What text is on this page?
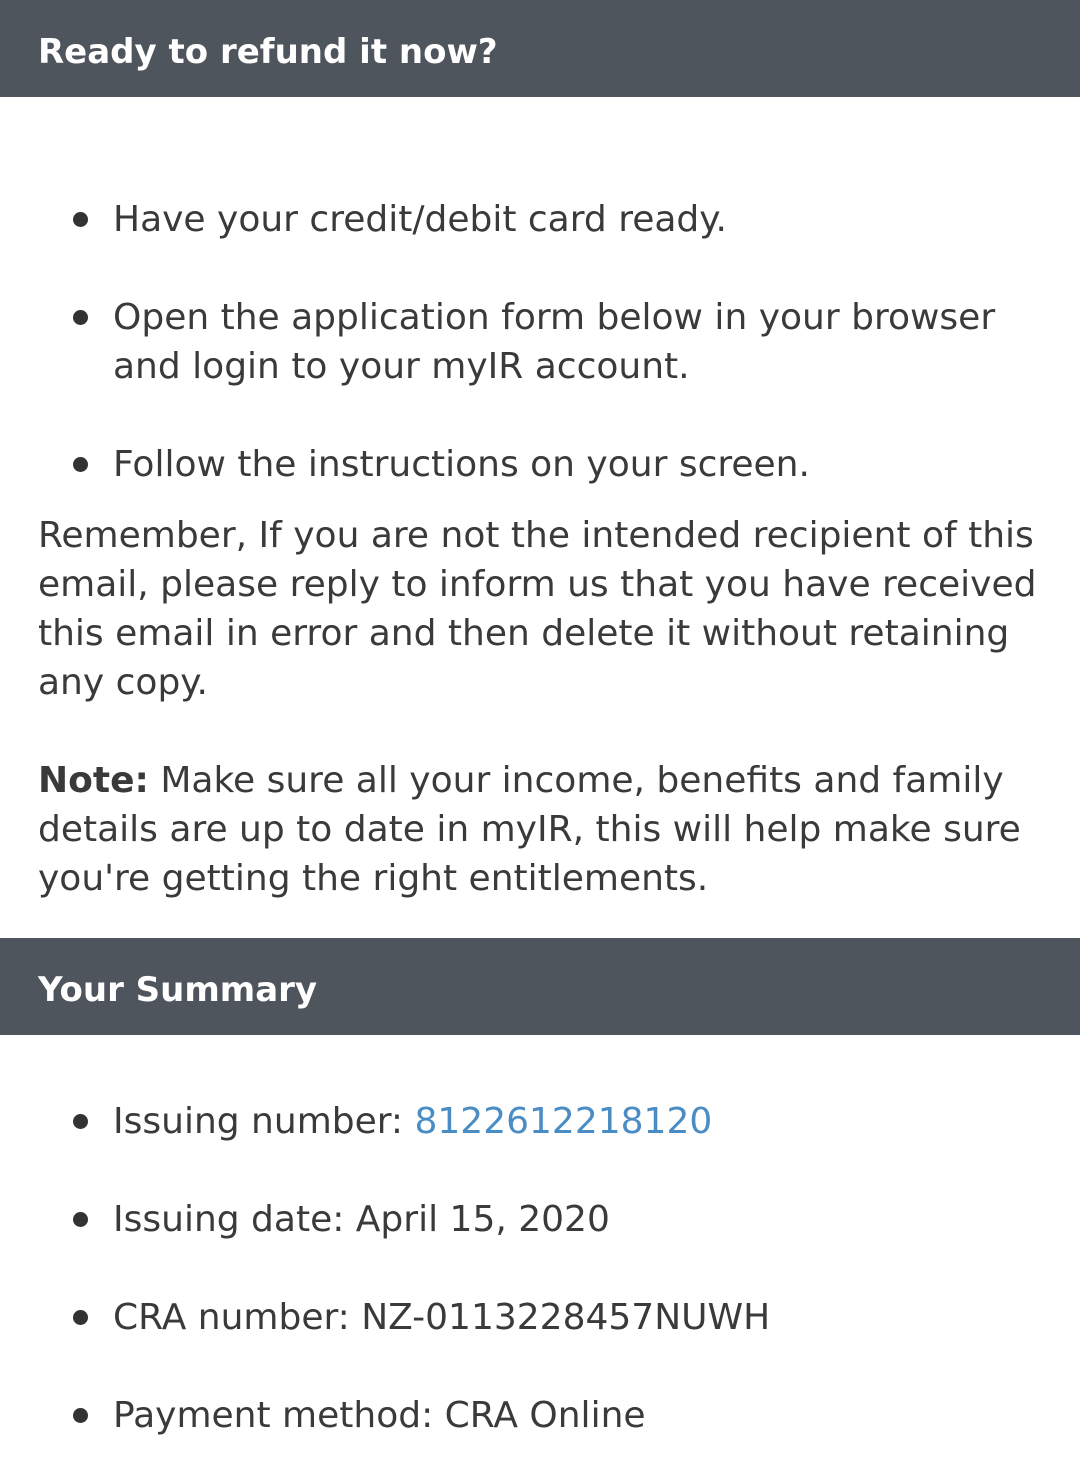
Ready to refund it now?
Have your credit/debit card ready.
Open the application form below in your browser and login to your myIR account.
Follow the instructions on your screen.
Remember, If you are not the intended recipient of this email, please reply to inform us that you have received this email in error and then delete it without retaining any copy.
Note: Make sure all your income, benefits and family details are up to date in myIR, this will help make sure you're getting the right entitlements.
Your Summary
Issuing number: 8122612218120
Issuing date: April 15, 2020
CRA number: NZ-0113228457NUWH
Payment method: CRA Online
